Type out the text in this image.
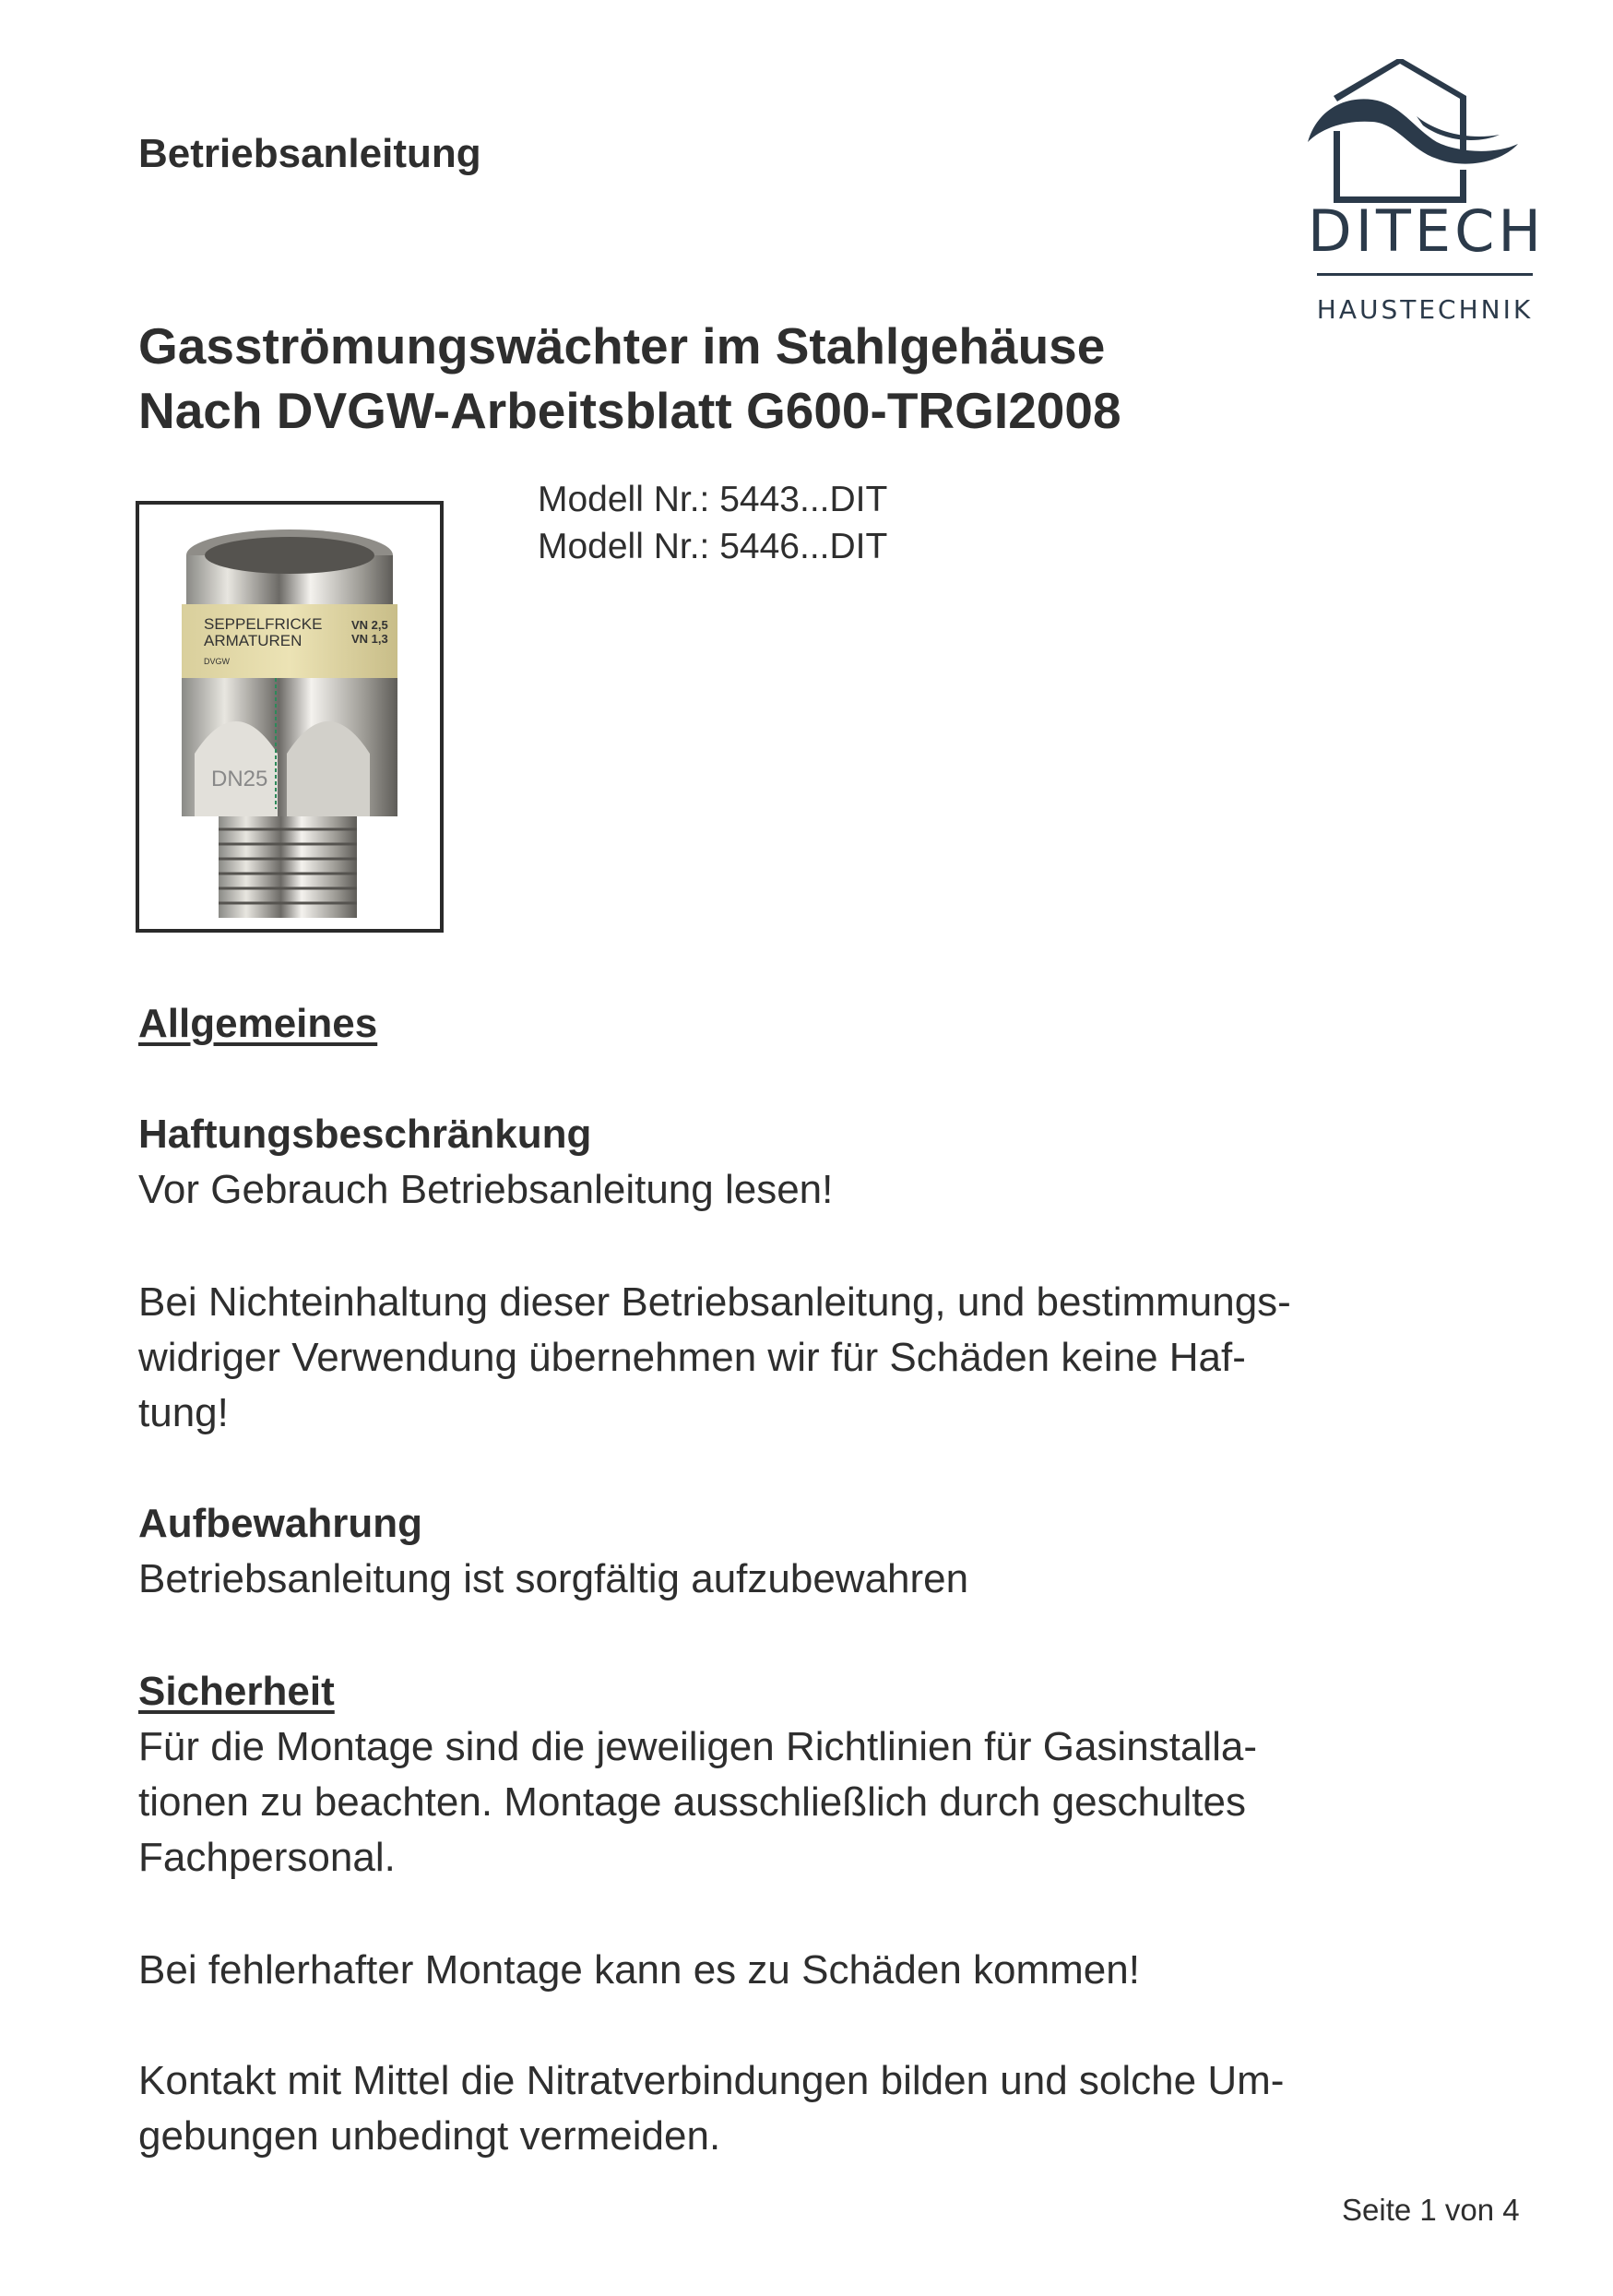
Betriebsanleitung
DITECH
HAUSTECHNIK
Gasströmungswächter im Stahlgehäuse
Nach DVGW-Arbeitsblatt G600-TRGI2008
SEPPELFRICKE
ARMATUREN
DVGW
VN 2,5
VN 1,3
DN25
Modell Nr.: 5443...DIT
Modell Nr.: 5446...DIT
Allgemeines
Haftungsbeschränkung
Vor Gebrauch Betriebsanleitung lesen!
Bei Nichteinhaltung dieser Betriebsanleitung, und bestimmungs-
widriger Verwendung übernehmen wir für Schäden keine Haf-
tung!
Aufbewahrung
Betriebsanleitung ist sorgfältig aufzubewahren
Sicherheit
Für die Montage sind die jeweiligen Richtlinien für Gasinstalla-
tionen zu beachten. Montage ausschließlich durch geschultes
Fachpersonal.
Bei fehlerhafter Montage kann es zu Schäden kommen!
Kontakt mit Mittel die Nitratverbindungen bilden und solche Um-
gebungen unbedingt vermeiden.
Seite 1 von 4
